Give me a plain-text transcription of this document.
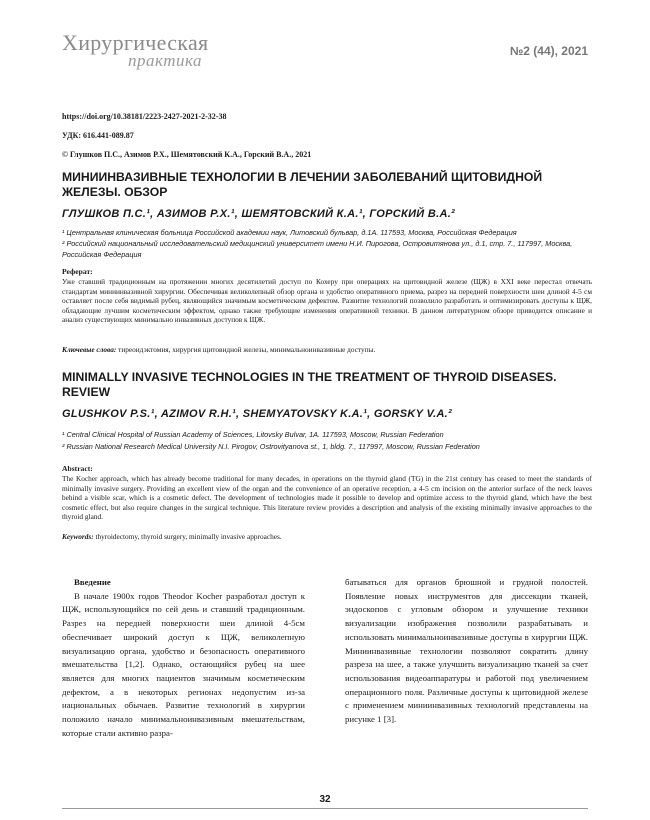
Хирургическая
практика	№2 (44), 2021
https://doi.org/10.38181/2223-2427-2021-2-32-38
УДК: 616.441-089.87
© Глушков П.С., Азимов Р.Х., Шемятовский К.А., Горский В.А., 2021
МИНИИНВАЗИВНЫЕ ТЕХНОЛОГИИ В ЛЕЧЕНИИ ЗАБОЛЕВАНИЙ ЩИТОВИДНОЙ ЖЕЛЕЗЫ. ОБЗОР
ГЛУШКОВ П.С.¹, АЗИМОВ Р.Х.¹, ШЕМЯТОВСКИЙ К.А.¹, ГОРСКИЙ В.А.²
¹ Центральная клиническая больница Российской академии наук, Литовский бульвар, д.1А. 117593, Москва, Российская Федерация
² Российский национальный исследовательский медицинский университет имени Н.И. Пирогова, Островитянова ул., д.1, стр. 7., 117997, Москва, Российская Федерация
Реферат:
Уже ставший традиционным на протяжении многих десятилетий доступ по Кохеру при операциях на щитовидной железе (ЩЖ) в XXI веке перестал отвечать стандартам миниинвазивной хирургии. Обеспечивая великолепный обзор органа и удобство оперативного приема, разрез на передней поверхности шеи длиной 4-5 см оставляет после себя видимый рубец, являющийся значимым косметическим дефектом. Развитие технологий позволило разработать и оптимизировать доступы к ЩЖ, обладающие лучшим косметическим эффектом, однако также требующие изменения оперативной техники. В данном литературном обзоре приводится описание и анализ существующих минимально инвазивных доступов к ЩЖ.
Ключевые слова: тиреоидэктомия, хирургия щитовидной железы, минимальноинвазивные доступы.
MINIMALLY INVASIVE TECHNOLOGIES IN THE TREATMENT OF THYROID DISEASES. REVIEW
GLUSHKOV P.S.¹, AZIMOV R.H.¹, SHEMYATOVSKY K.A.¹, GORSKY V.A.²
¹ Central Clinical Hospital of Russian Academy of Sciences, Litovsky Bulvar, 1A. 117593, Moscow, Russian Federation
² Russian National Research Medical University N.I. Pirogov, Ostrovityanova st., 1, bldg. 7., 117997, Moscow, Russian Federation
Abstract:
The Kocher approach, which has already become traditional for many decades, in operations on the thyroid gland (TG) in the 21st century has ceased to meet the standards of minimally invasive surgery. Providing an excellent view of the organ and the convenience of an operative reception, a 4-5 cm incision on the anterior surface of the neck leaves behind a visible scar, which is a cosmetic defect. The development of technologies made it possible to develop and optimize access to the thyroid gland, which have the best cosmetic effect, but also require changes in the surgical technique. This literature review provides a description and analysis of the existing minimally invasive approaches to the thyroid gland.
Keywords: thyroidectomy, thyroid surgery, minimally invasive approaches.
Введение

В начале 1900х годов Theodor Kocher разработал доступ к ЩЖ, использующийся по сей день и ставший традиционным. Разрез на передней поверхности шеи длиной 4-5см обеспечивает широкий доступ к ЩЖ, великолепную визуализацию органа, удобство и безопасность оперативного вмешательства [1,2]. Однако, остающийся рубец на шее является для многих пациентов значимым косметическим дефектом, а в некоторых регионах недопустим из-за национальных обычаев. Развитие технологий в хирургии положило начало минимальноинвазивным вмешательствам, которые стали активно разра-

батываться для органов брюшной и грудной полостей. Появление новых инструментов для диссекции тканей, эндоскопов с угловым обзором и улучшение техники визуализации изображения позволили разрабатывать и использовать минимальноинвазивные доступы в хирургии ЩЖ. Миниинвазивные технологии позволяют сократить длину разреза на шее, а также улучшить визуализацию тканей за счет использования видеоаппаратуры и работой под увеличением операционного поля. Различные доступы к щитовидной железе с применением миниинвазивных технологий представлены на рисунке 1 [3].

32
